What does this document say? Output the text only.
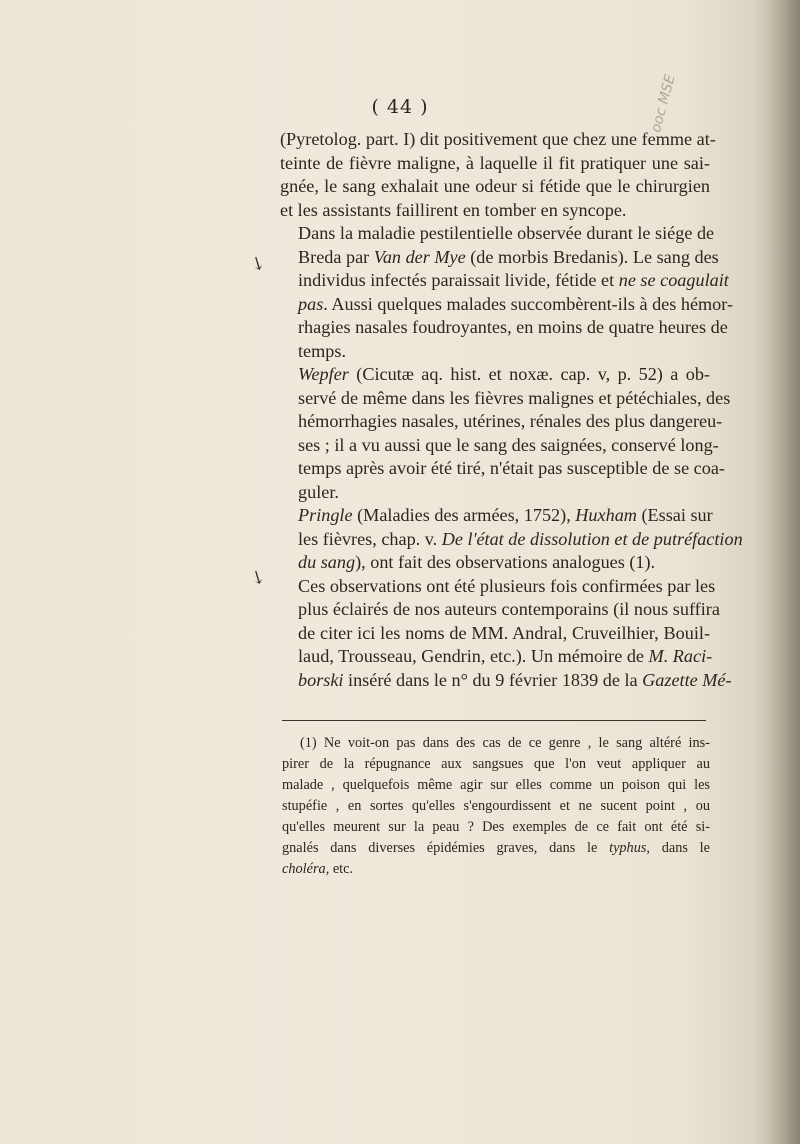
ooc MSE
( 44 )
↘
↘

(Pyretolog. part. I) dit positivement que chez une femme at-
teinte de fièvre maligne, à laquelle il fit pratiquer une sai-
gnée, le sang exhalait une odeur si fétide que le chirurgien
et les assistants faillirent en tomber en syncope.

Dans la maladie pestilentielle observée durant le siége de
Breda par Van der Mye (de morbis Bredanis). Le sang des
individus infectés paraissait livide, fétide et ne se coagulait
pas. Aussi quelques malades succombèrent-ils à des hémor-
rhagies nasales foudroyantes, en moins de quatre heures de
temps.

Wepfer (Cicutæ aq. hist. et noxæ. cap. v, p. 52) a ob-
servé de même dans les fièvres malignes et pétéchiales, des
hémorrhagies nasales, utérines, rénales des plus dangereu-
ses ; il a vu aussi que le sang des saignées, conservé long-
temps après avoir été tiré, n'était pas susceptible de se coa-
guler.

Pringle (Maladies des armées, 1752), Huxham (Essai sur
les fièvres, chap. v. De l'état de dissolution et de putréfaction
du sang), ont fait des observations analogues (1).

Ces observations ont été plusieurs fois confirmées par les
plus éclairés de nos auteurs contemporains (il nous suffira
de citer ici les noms de MM. Andral, Cruveilhier, Bouil-
laud, Trousseau, Gendrin, etc.). Un mémoire de M. Raci-
borski inséré dans le n° du 9 février 1839 de la Gazette Mé-

(1) Ne voit-on pas dans des cas de ce genre , le sang altéré ins-
pirer de la répugnance aux sangsues que l'on veut appliquer au
malade , quelquefois même agir sur elles comme un poison qui les
stupéfie , en sortes qu'elles s'engourdissent et ne sucent point , ou
qu'elles meurent sur la peau ? Des exemples de ce fait ont été si-
gnalés dans diverses épidémies graves, dans le typhus, dans le
choléra, etc.
